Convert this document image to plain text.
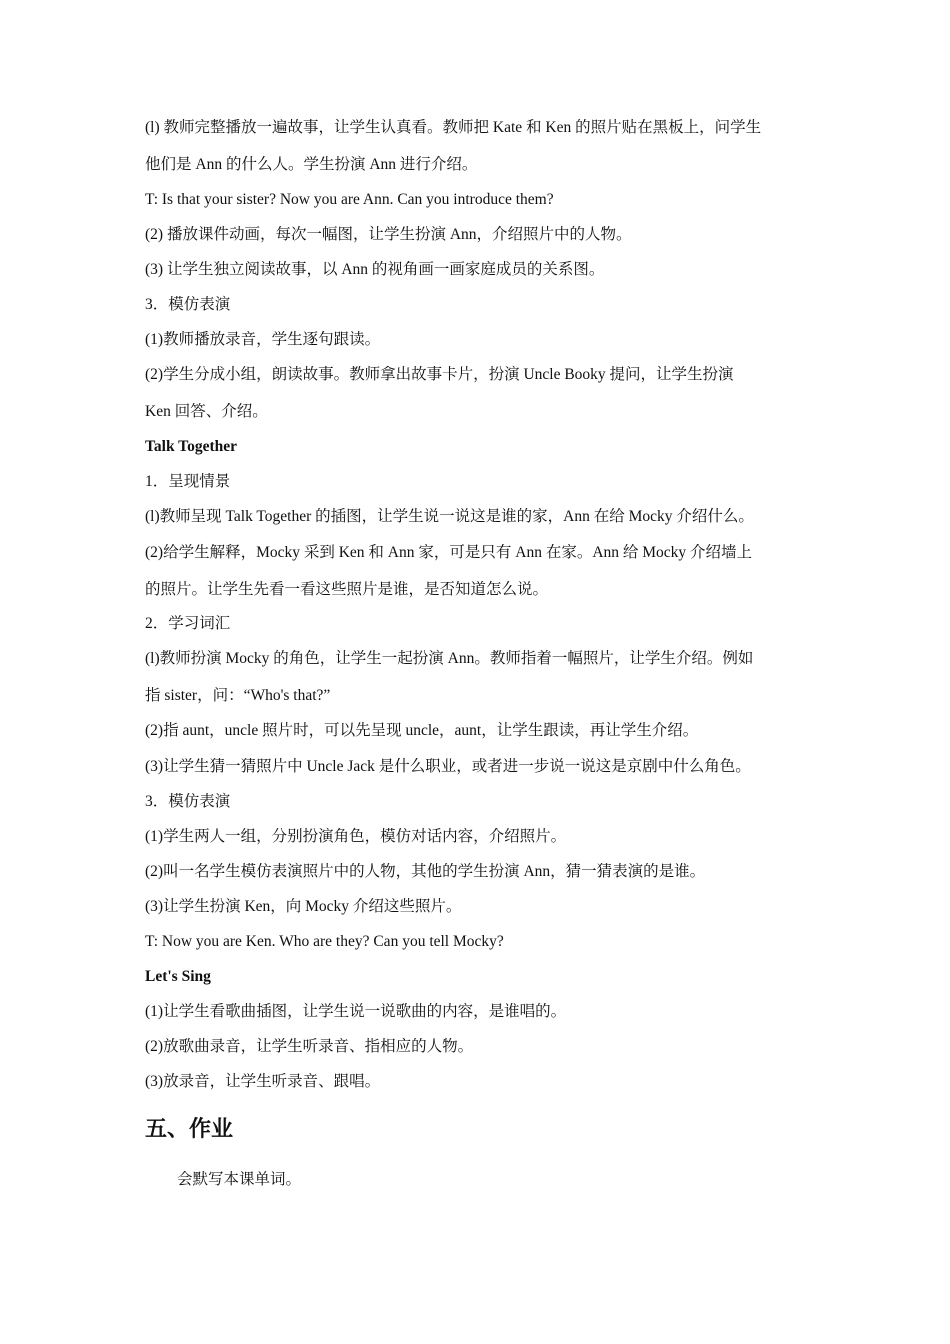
(l) 教师完整播放一遍故事，让学生认真看。教师把 Kate 和 Ken 的照片贴在黑板上，问学生
他们是 Ann 的什么人。学生扮演 Ann 进行介绍。
T: Is that your sister? Now you are Ann. Can you introduce them?
(2) 播放课件动画，每次一幅图，让学生扮演 Ann，介绍照片中的人物。
(3) 让学生独立阅读故事，以 Ann 的视角画一画家庭成员的关系图。
3．模仿表演
(1)教师播放录音，学生逐句跟读。
(2)学生分成小组，朗读故事。教师拿出故事卡片，扮演 Uncle Booky 提问，让学生扮演
Ken 回答、介绍。
Talk Together
1．呈现情景
(l)教师呈现 Talk Together 的插图，让学生说一说这是谁的家，Ann 在给 Mocky 介绍什么。
(2)给学生解释，Mocky 采到 Ken 和 Ann 家，可是只有 Ann 在家。Ann 给 Mocky 介绍墙上
的照片。让学生先看一看这些照片是谁，是否知道怎么说。
2．学习词汇
(l)教师扮演 Mocky 的角色，让学生一起扮演 Ann。教师指着一幅照片，让学生介绍。例如
指 sister，问：“Who's that?”
(2)指 aunt，uncle 照片时，可以先呈现 uncle，aunt，让学生跟读，再让学生介绍。
(3)让学生猜一猜照片中 Uncle Jack 是什么职业，或者进一步说一说这是京剧中什么角色。
3．模仿表演
(1)学生两人一组，分别扮演角色，模仿对话内容，介绍照片。
(2)叫一名学生模仿表演照片中的人物，其他的学生扮演 Ann，猜一猜表演的是谁。
(3)让学生扮演 Ken，向 Mocky 介绍这些照片。
T: Now you are Ken. Who are they? Can you tell Mocky?
Let's Sing
(1)让学生看歌曲插图，让学生说一说歌曲的内容，是谁唱的。
(2)放歌曲录音，让学生听录音、指相应的人物。
(3)放录音，让学生听录音、跟唱。
五、作业
会默写本课单词。
